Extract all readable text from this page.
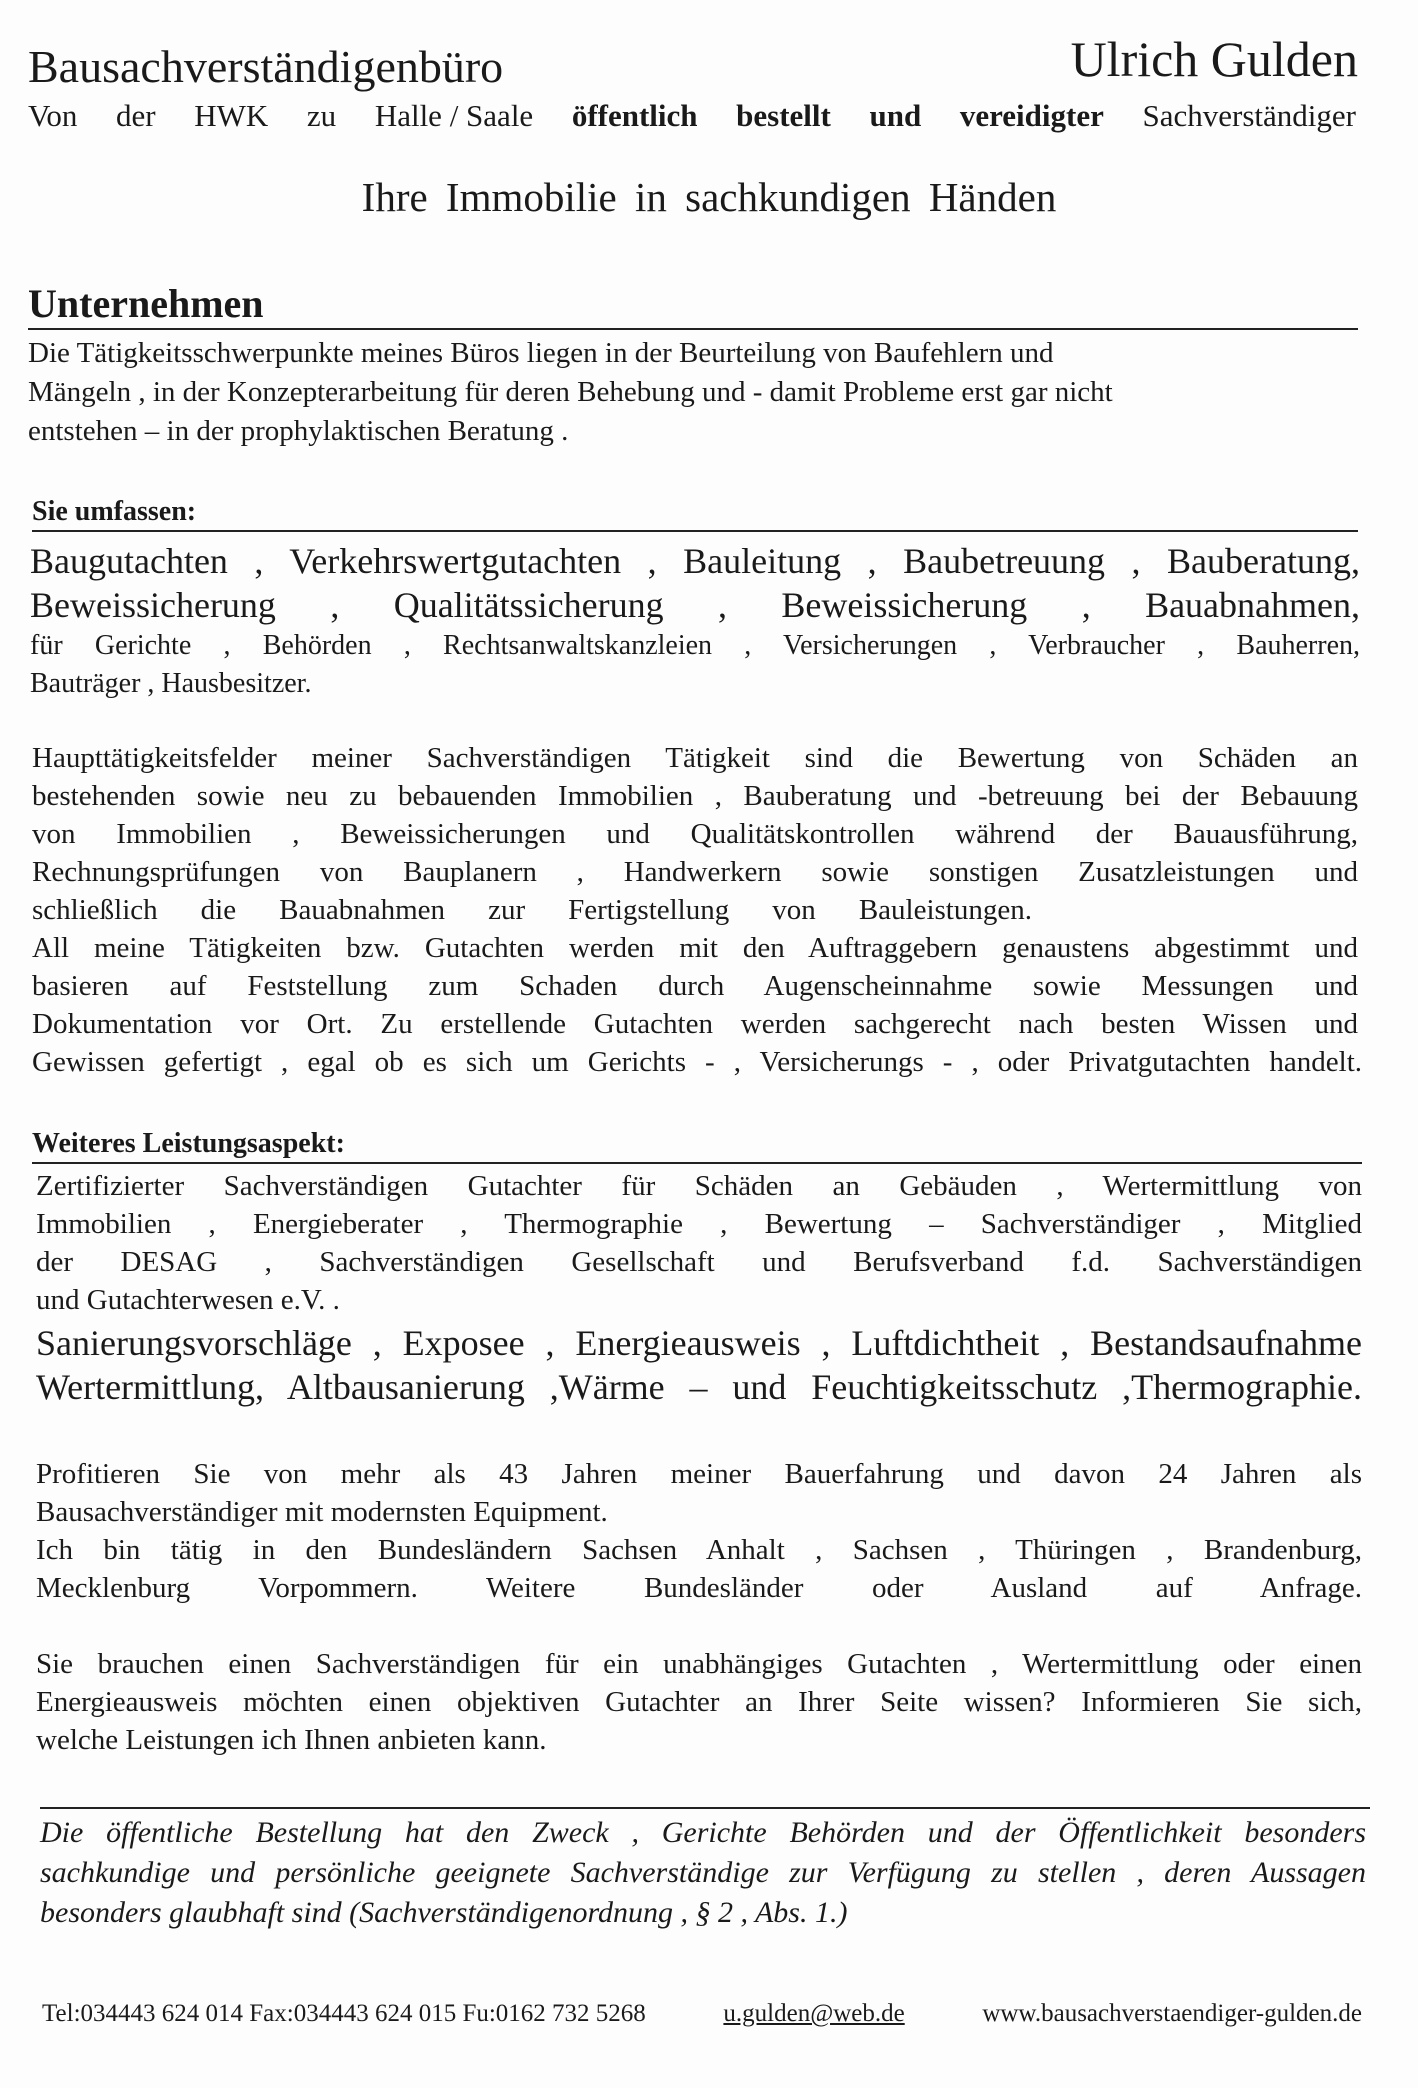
Bausachverständigenbüro	Ulrich Gulden
Von der HWK zu Halle / Saale öffentlich bestellt und vereidigter Sachverständiger
Ihre Immobilie in sachkundigen Händen
Unternehmen
Die Tätigkeitsschwerpunkte meines Büros liegen in der Beurteilung von Baufehlern und
Mängeln , in der Konzepterarbeitung für deren Behebung und - damit Probleme erst gar nicht
entstehen – in der prophylaktischen Beratung .
Sie umfassen:
Baugutachten , Verkehrswertgutachten , Bauleitung , Baubetreuung , Bauberatung,
Beweissicherung , Qualitätssicherung , Beweissicherung , Bauabnahmen,
für Gerichte , Behörden , Rechtsanwaltskanzleien , Versicherungen , Verbraucher , Bauherren,
Bauträger , Hausbesitzer.
Haupttätigkeitsfelder meiner Sachverständigen Tätigkeit sind die Bewertung von Schäden an
bestehenden sowie neu zu bebauenden Immobilien , Bauberatung und -betreuung bei der Bebauung
von Immobilien , Beweissicherungen und Qualitätskontrollen während der Bauausführung,
Rechnungsprüfungen von Bauplanern , Handwerkern sowie sonstigen Zusatzleistungen und
schließlich die Bauabnahmen zur Fertigstellung von Bauleistungen.
All meine Tätigkeiten bzw. Gutachten werden mit den Auftraggebern genaustens abgestimmt und
basieren auf Feststellung zum Schaden durch Augenscheinnahme sowie Messungen und
Dokumentation vor Ort. Zu erstellende Gutachten werden sachgerecht nach besten Wissen und
Gewissen gefertigt , egal ob es sich um Gerichts - , Versicherungs - , oder Privatgutachten handelt.
Weiteres Leistungsaspekt:
Zertifizierter Sachverständigen Gutachter für Schäden an Gebäuden , Wertermittlung von
Immobilien , Energieberater , Thermographie , Bewertung – Sachverständiger , Mitglied
der DESAG , Sachverständigen Gesellschaft und Berufsverband f.d. Sachverständigen
und Gutachterwesen e.V. .
Sanierungsvorschläge , Exposee , Energieausweis , Luftdichtheit , Bestandsaufnahme
Wertermittlung, Altbausanierung ,Wärme – und Feuchtigkeitsschutz ,Thermographie.
Profitieren Sie von mehr als 43 Jahren meiner Bauerfahrung und davon 24 Jahren als
Bausachverständiger mit modernsten Equipment.
Ich bin tätig in den Bundesländern Sachsen Anhalt , Sachsen , Thüringen , Brandenburg,
Mecklenburg Vorpommern. Weitere Bundesländer oder Ausland auf Anfrage.
Sie brauchen einen Sachverständigen für ein unabhängiges Gutachten , Wertermittlung oder einen
Energieausweis möchten einen objektiven Gutachter an Ihrer Seite wissen? Informieren Sie sich,
welche Leistungen ich Ihnen anbieten kann.
Die öffentliche Bestellung hat den Zweck , Gerichte Behörden und der Öffentlichkeit besonders
sachkundige und persönliche geeignete Sachverständige zur Verfügung zu stellen , deren Aussagen
besonders glaubhaft sind (Sachverständigenordnung , § 2 , Abs. 1.)
Tel:034443 624 014 Fax:034443 624 015 Fu:0162 732 5268	u.gulden@web.de	www.bausachverstaendiger-gulden.de
